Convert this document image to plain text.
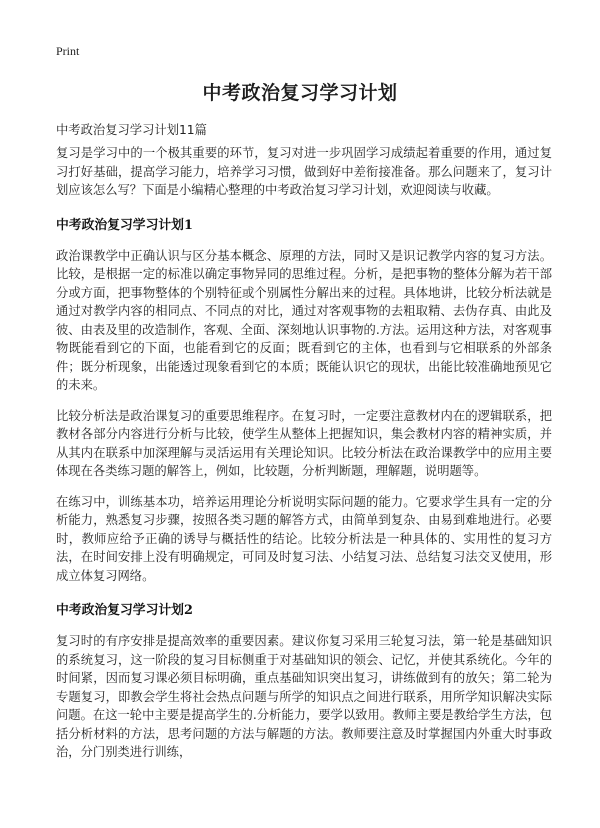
Print
中考政治复习学习计划

中考政治复习学习计划11篇

复习是学习中的一个极其重要的环节，复习对进一步巩固学习成绩起着重要的作用，通过复习打好基础，提高学习能力，培养学习习惯，做到好中差衔接准备。那么问题来了，复习计划应该怎么写？下面是小编精心整理的中考政治复习学习计划，欢迎阅读与收藏。

中考政治复习学习计划1

政治课教学中正确认识与区分基本概念、原理的方法，同时又是识记教学内容的复习方法。比较，是根据一定的标准以确定事物异同的思维过程。分析，是把事物的整体分解为若干部分或方面，把事物整体的个别特征或个别属性分解出来的过程。具体地讲，比较分析法就是通过对教学内容的相同点、不同点的对比，通过对客观事物的去粗取精、去伪存真、由此及彼、由表及里的改造制作，客观、全面、深刻地认识事物的.方法。运用这种方法，对客观事物既能看到它的下面，也能看到它的反面；既看到它的主体，也看到与它相联系的外部条件；既分析现象，出能透过现象看到它的本质；既能认识它的现状，出能比较准确地预见它的未来。

比较分析法是政治课复习的重要思维程序。在复习时，一定要注意教材内在的逻辑联系，把教材各部分内容进行分析与比较，使学生从整体上把握知识，集会教材内容的精神实质，并从其内在联系中加深理解与灵活运用有关理论知识。比较分析法在政治课教学中的应用主要体现在各类练习题的解答上，例如，比较题，分析判断题，理解题，说明题等。

在练习中，训练基本功，培养运用理论分析说明实际问题的能力。它要求学生具有一定的分析能力，熟悉复习步骤，按照各类习题的解答方式，由简单到复杂、由易到难地进行。必要时，教师应给予正确的诱导与概括性的结论。比较分析法是一种具体的、实用性的复习方法，在时间安排上没有明确规定，可同及时复习法、小结复习法、总结复习法交叉使用，形成立体复习网络。

中考政治复习学习计划2

复习时的有序安排是提高效率的重要因素。建议你复习采用三轮复习法，第一轮是基础知识的系统复习，这一阶段的复习目标侧重于对基础知识的领会、记忆，并使其系统化。今年的时间紧，因而复习课必须目标明确，重点基础知识突出复习，讲练做到有的放矢；第二轮为专题复习，即教会学生将社会热点问题与所学的知识点之间进行联系，用所学知识解决实际问题。在这一轮中主要是提高学生的.分析能力，要学以致用。教师主要是教给学生方法，包括分析材料的方法，思考问题的方法与解题的方法。教师要注意及时掌握国内外重大时事政治，分门别类进行训练，
